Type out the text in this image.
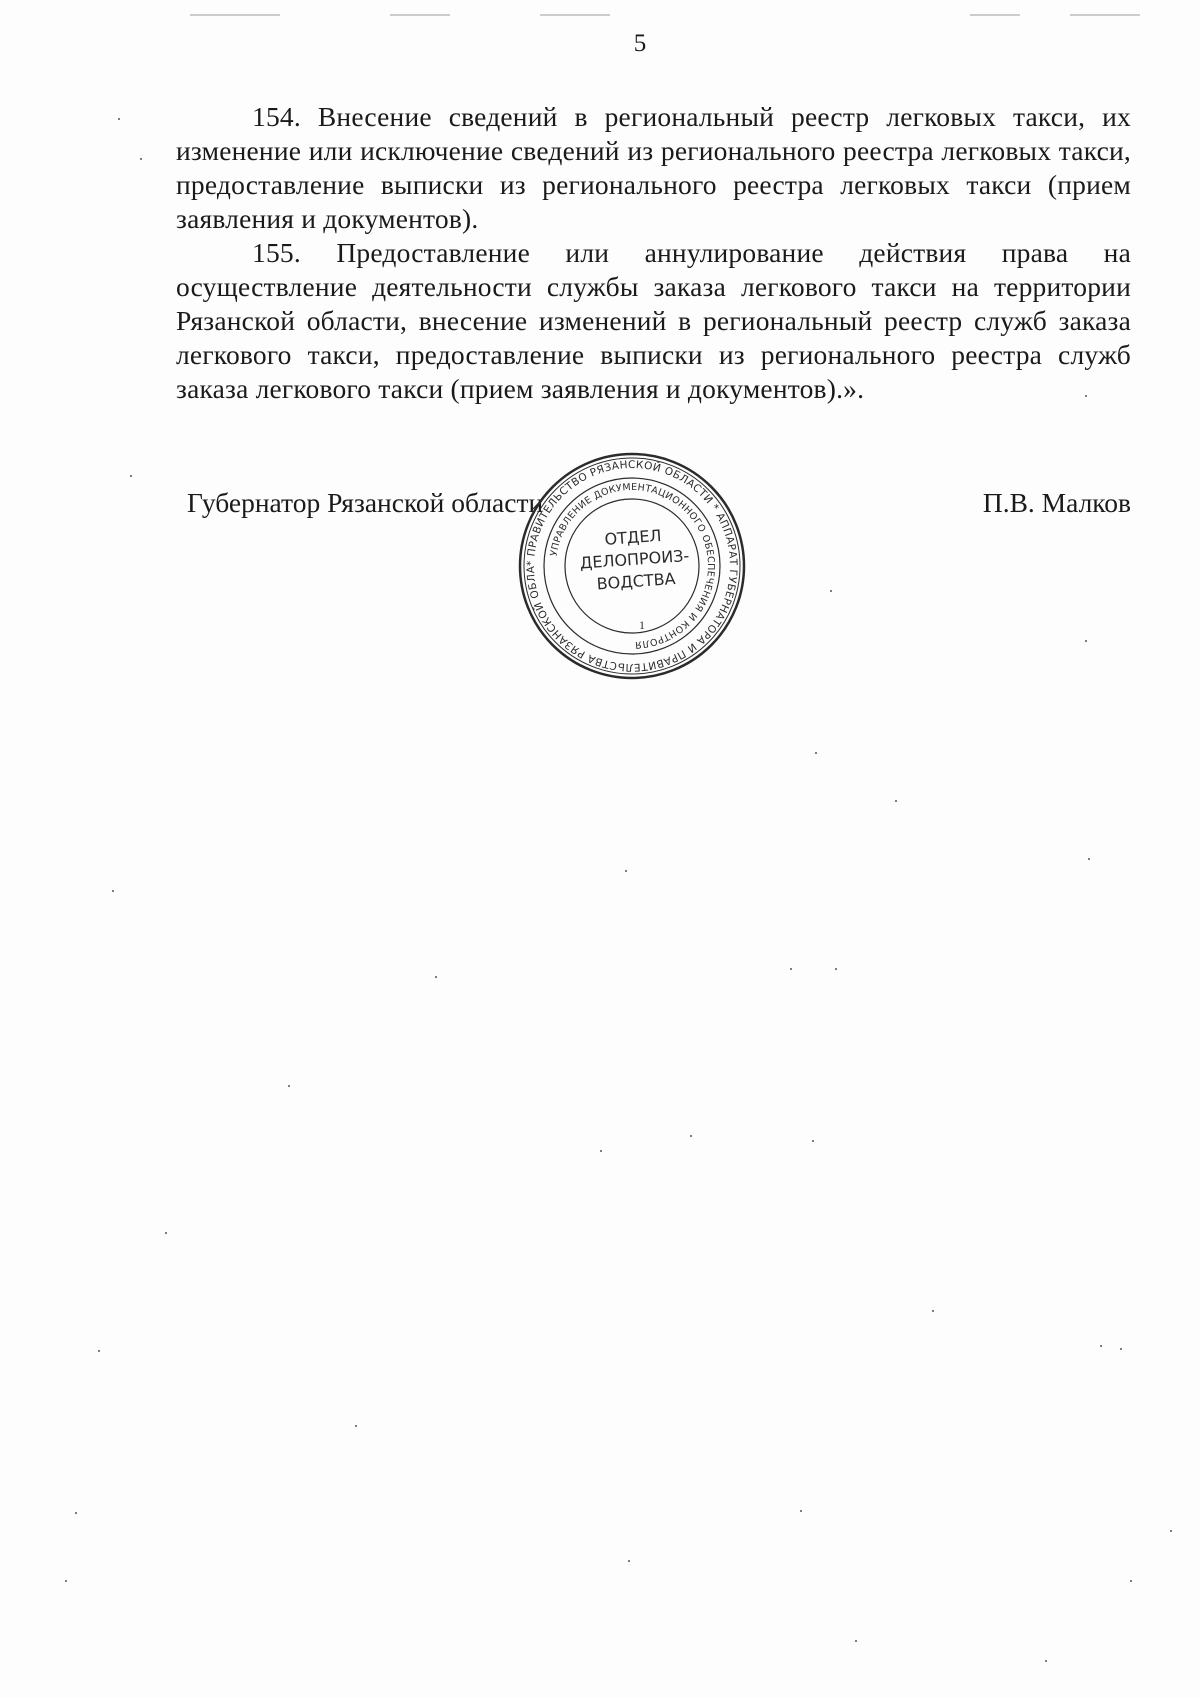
5

154. Внесение сведений в региональный реестр легковых такси, их изменение или исключение сведений из регионального реестра легковых такси, предоставление выписки из регионального реестра легковых такси (прием заявления и документов).

155. Предоставление или аннулирование действия права на осуществление деятельности службы заказа легкового такси на территории Рязанской области, внесение изменений в региональный реестр служб заказа легкового такси, предоставление выписки из регионального реестра служб заказа легкового такси (прием заявления и документов).».

Губернатор Рязанской области	П.В. Малков
* ПРАВИТЕЛЬСТВО РЯЗАНСКОЙ ОБЛАСТИ * АППАРАТ ГУБЕРНАТОРА И ПРАВИТЕЛЬСТВА РЯЗАНСКОЙ ОБЛА
УПРАВЛЕНИЕ ДОКУМЕНТАЦИОННОГО ОБЕСПЕЧЕНИЯ И КОНТРОЛЯ
ОТДЕЛ
ДЕЛОПРОИЗ-
ВОДСТВА
1
